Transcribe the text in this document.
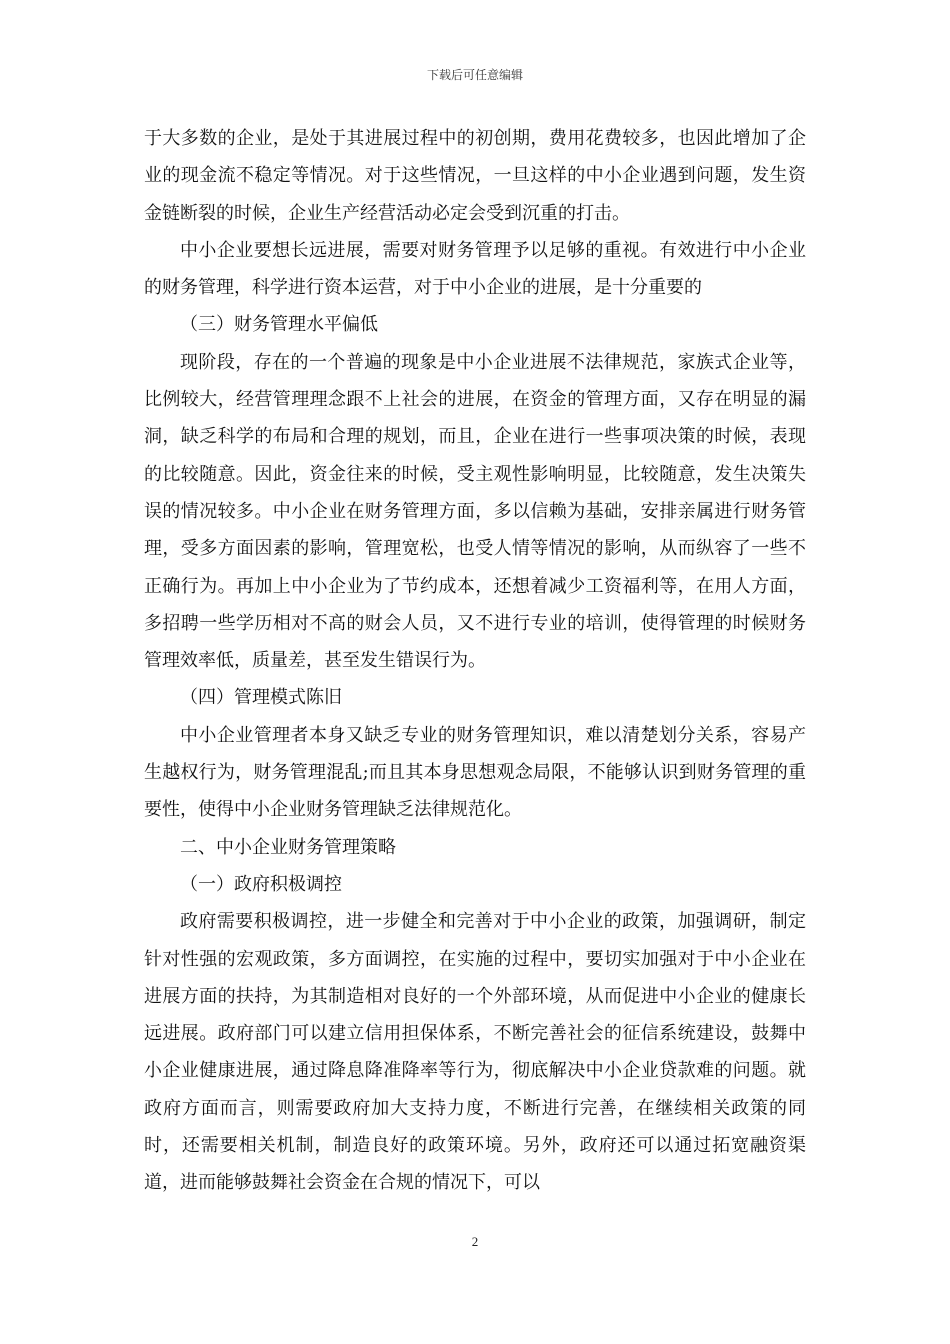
下载后可任意编辑

于大多数的企业，是处于其进展过程中的初创期，费用花费较多，也因此增加了企业的现金流不稳定等情况。对于这些情况，一旦这样的中小企业遇到问题，发生资金链断裂的时候，企业生产经营活动必定会受到沉重的打击。

中小企业要想长远进展，需要对财务管理予以足够的重视。有效进行中小企业的财务管理，科学进行资本运营，对于中小企业的进展，是十分重要的

（三）财务管理水平偏低

现阶段，存在的一个普遍的现象是中小企业进展不法律规范，家族式企业等，比例较大，经营管理理念跟不上社会的进展，在资金的管理方面，又存在明显的漏洞，缺乏科学的布局和合理的规划，而且，企业在进行一些事项决策的时候，表现的比较随意。因此，资金往来的时候，受主观性影响明显，比较随意，发生决策失误的情况较多。中小企业在财务管理方面，多以信赖为基础，安排亲属进行财务管理，受多方面因素的影响，管理宽松，也受人情等情况的影响，从而纵容了一些不正确行为。再加上中小企业为了节约成本，还想着减少工资福利等，在用人方面，多招聘一些学历相对不高的财会人员，又不进行专业的培训，使得管理的时候财务管理效率低，质量差，甚至发生错误行为。

（四）管理模式陈旧

中小企业管理者本身又缺乏专业的财务管理知识，难以清楚划分关系，容易产生越权行为，财务管理混乱;而且其本身思想观念局限，不能够认识到财务管理的重要性，使得中小企业财务管理缺乏法律规范化。

二、中小企业财务管理策略

（一）政府积极调控

政府需要积极调控，进一步健全和完善对于中小企业的政策，加强调研，制定针对性强的宏观政策，多方面调控，在实施的过程中，要切实加强对于中小企业在进展方面的扶持，为其制造相对良好的一个外部环境，从而促进中小企业的健康长远进展。政府部门可以建立信用担保体系，不断完善社会的征信系统建设，鼓舞中小企业健康进展，通过降息降准降率等行为，彻底解决中小企业贷款难的问题。就政府方面而言，则需要政府加大支持力度，不断进行完善，在继续相关政策的同时，还需要相关机制，制造良好的政策环境。另外，政府还可以通过拓宽融资渠道，进而能够鼓舞社会资金在合规的情况下，可以

2
